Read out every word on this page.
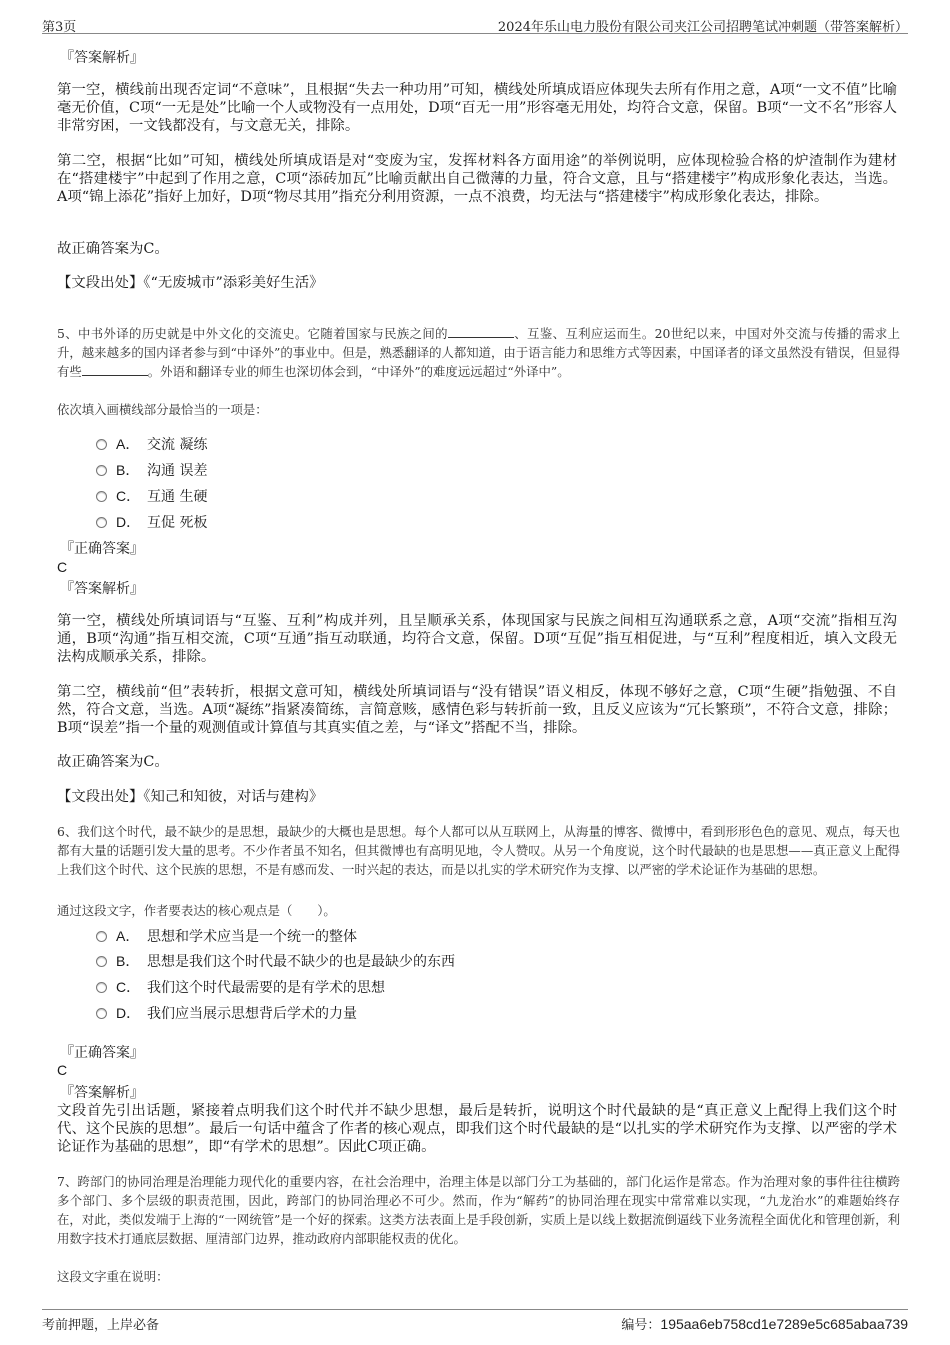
第3页	2024年乐山电力股份有限公司夹江公司招聘笔试冲刺题（带答案解析）
『答案解析』
第一空，横线前出现否定词“不意味”，且根据“失去一种功用”可知，横线处所填成语应体现失去所有作用之意，A项“一文不值”比喻毫无价值，C项“一无是处”比喻一个人或物没有一点用处，D项“百无一用”形容毫无用处，均符合文意，保留。B项“一文不名”形容人非常穷困，一文钱都没有，与文意无关，排除。
第二空，根据“比如”可知，横线处所填成语是对“变废为宝，发挥材料各方面用途”的举例说明，应体现检验合格的炉渣制作为建材在“搭建楼宇”中起到了作用之意，C项“添砖加瓦”比喻贡献出自己微薄的力量，符合文意，且与“搭建楼宇”构成形象化表达，当选。A项“锦上添花”指好上加好，D项“物尽其用”指充分利用资源，一点不浪费，均无法与“搭建楼宇”构成形象化表达，排除。
故正确答案为C。
【文段出处】《“无废城市”添彩美好生活》
5、中书外译的历史就是中外文化的交流史。它随着国家与民族之间的	、互鉴、互利应运而生。20世纪以来，中国对外交流与传播的需求上升，越来越多的国内译者参与到“中译外”的事业中。但是，熟悉翻译的人都知道，由于语言能力和思维方式等因素，中国译者的译文虽然没有错误，但显得有些	。外语和翻译专业的师生也深切体会到，“中译外”的难度远远超过“外译中”。
依次填入画横线部分最恰当的一项是：
A． 交流 凝练
B． 沟通 误差
C． 互通 生硬
D． 互促 死板
『正确答案』
C
『答案解析』
第一空，横线处所填词语与“互鉴、互利”构成并列，且呈顺承关系，体现国家与民族之间相互沟通联系之意，A项“交流”指相互沟通，B项“沟通”指互相交流，C项“互通”指互动联通，均符合文意，保留。D项“互促”指互相促进，与“互利”程度相近，填入文段无法构成顺承关系，排除。
第二空，横线前“但”表转折，根据文意可知，横线处所填词语与“没有错误”语义相反，体现不够好之意，C项“生硬”指勉强、不自然，符合文意，当选。A项“凝练”指紧凑简练，言简意赅，感情色彩与转折前一致，且反义应该为“冗长繁琐”，不符合文意，排除；B项“误差”指一个量的观测值或计算值与其真实值之差，与“译文”搭配不当，排除。
故正确答案为C。
【文段出处】《知己和知彼，对话与建构》
6、我们这个时代，最不缺少的是思想，最缺少的大概也是思想。每个人都可以从互联网上，从海量的博客、微博中，看到形形色色的意见、观点，每天也都有大量的话题引发大量的思考。不少作者虽不知名，但其微博也有高明见地，令人赞叹。从另一个角度说，这个时代最缺的也是思想——真正意义上配得上我们这个时代、这个民族的思想，不是有感而发、一时兴起的表达，而是以扎实的学术研究作为支撑、以严密的学术论证作为基础的思想。
通过这段文字，作者要表达的核心观点是（　　）。
A． 思想和学术应当是一个统一的整体
B． 思想是我们这个时代最不缺少的也是最缺少的东西
C． 我们这个时代最需要的是有学术的思想
D． 我们应当展示思想背后学术的力量
『正确答案』
C
『答案解析』
文段首先引出话题，紧接着点明我们这个时代并不缺少思想，最后是转折，说明这个时代最缺的是“真正意义上配得上我们这个时代、这个民族的思想”。最后一句话中蕴含了作者的核心观点，即我们这个时代最缺的是“以扎实的学术研究作为支撑、以严密的学术论证作为基础的思想”，即“有学术的思想”。因此C项正确。
7、跨部门的协同治理是治理能力现代化的重要内容，在社会治理中，治理主体是以部门分工为基础的，部门化运作是常态。作为治理对象的事件往往横跨多个部门、多个层级的职责范围，因此，跨部门的协同治理必不可少。然而，作为“解药”的协同治理在现实中常常难以实现，“九龙治水”的难题始终存在，对此，类似发端于上海的“一网统管”是一个好的探索。这类方法表面上是手段创新，实质上是以线上数据流倒逼线下业务流程全面优化和管理创新，利用数字技术打通底层数据、厘清部门边界，推动政府内部职能权责的优化。
这段文字重在说明：
考前押题，上岸必备	编号：195aa6eb758cd1e7289e5c685abaa739
